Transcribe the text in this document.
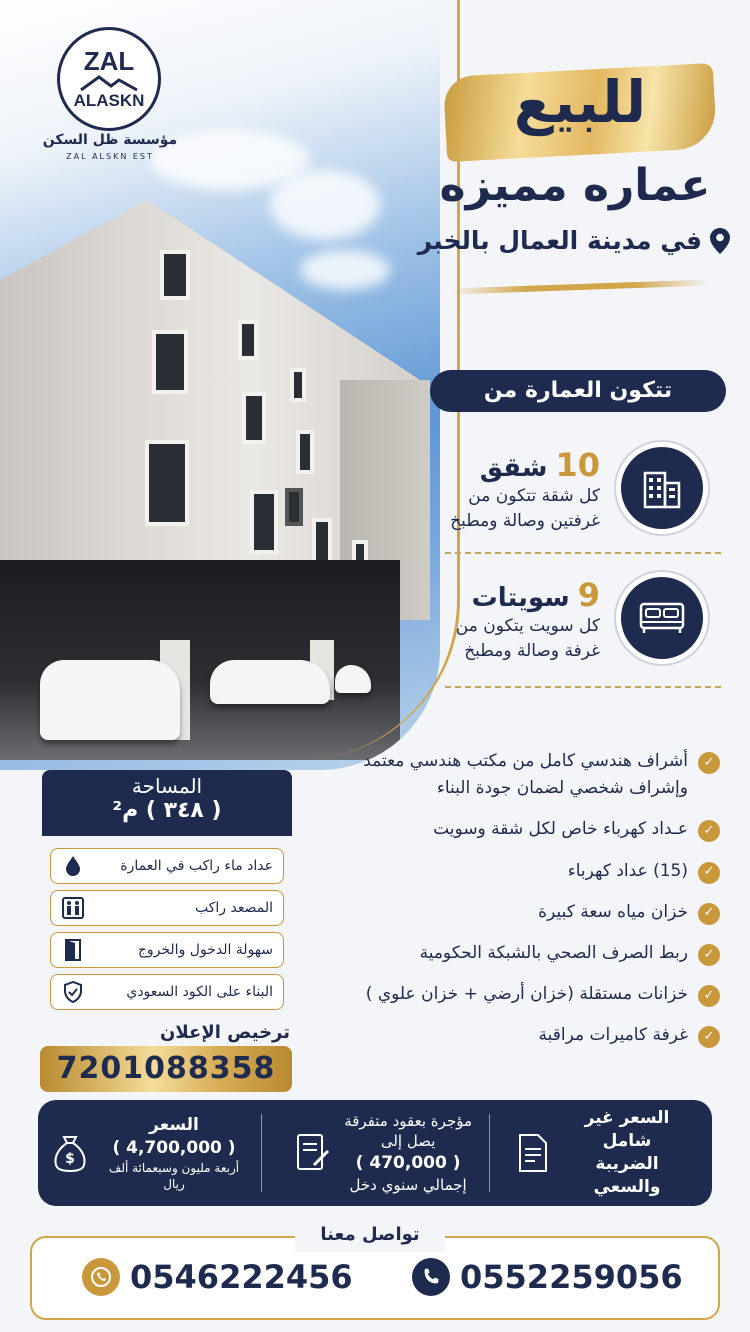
ZAL
ALASKN
مؤسسة ظل السكن
ZAL ALSKN EST
للبيع
عماره مميزه
في مدينة العمال بالخبر
تتكون العمارة من
10
شقق
كل شقة تتكون من
غرفتين وصالة ومطبخ
9
سويتات
كل سويت يتكون من
غرفة وصالة ومطبخ
✓
أشراف هندسي كامل من مكتب هندسي معتمد وإشراف شخصي لضمان جودة البناء
✓
عـداد كهرباء خاص لكل شقة وسويت
✓
(15) عداد كهرباء
✓
خزان مياه سعة كبيرة
✓
ربط الصرف الصحي بالشبكة الحكومية
✓
خزانات مستقلة (خزان أرضي + خزان علوي )
✓
غرفة كاميرات مراقبة
المساحة
( ٣٤٨ ) م²
عداد ماء راكب في العمارة
المصعد راكب
سهولة الدخول والخروج
البناء على الكود السعودي
ترخيص الإعلان
7201088358
السعر غير شامل
الضريبة والسعي
مؤجرة بعقود متفرقة
يصل إلى
( 470,000 )
إجمالي سنوي دخل
السعر
( 4,700,000 )
أربعة مليون وسبعمائة ألف ريال
$
تواصل معنا
0546222456	0552259056
